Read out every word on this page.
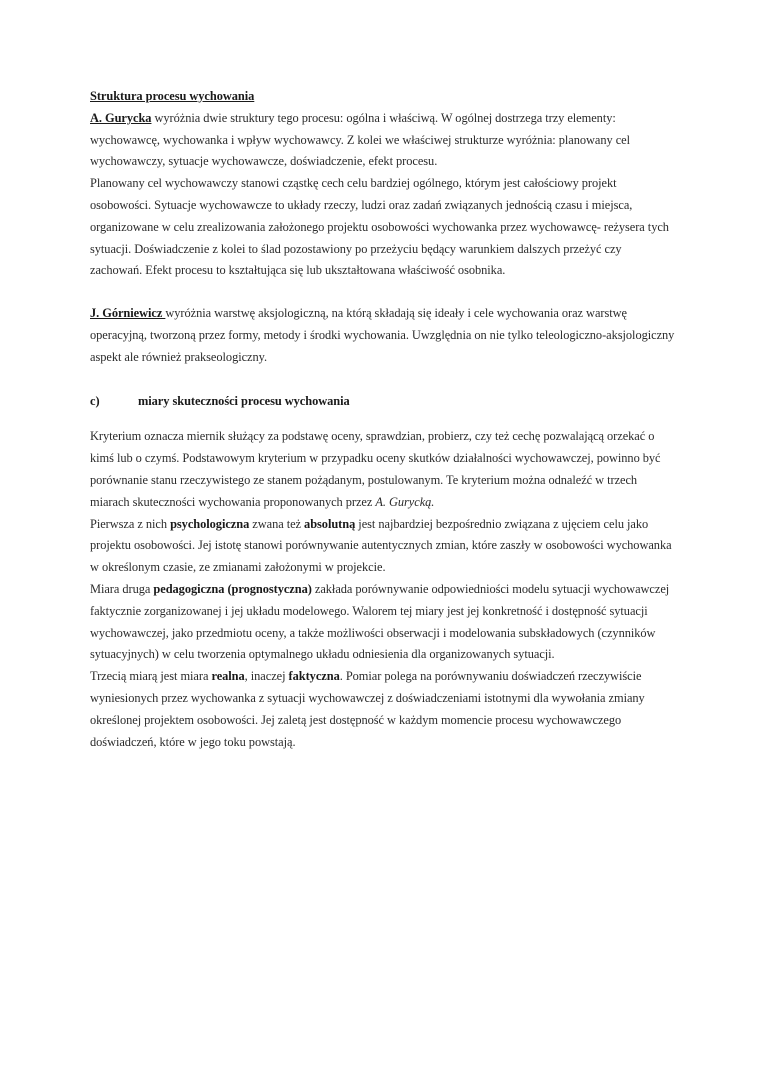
Struktura procesu wychowania

A. Gurycka wyróżnia dwie struktury tego procesu: ogólna i właściwą. W ogólnej dostrzega trzy elementy: wychowawcę, wychowanka i wpływ wychowawcy. Z kolei we właściwej strukturze wyróżnia: planowany cel wychowawczy, sytuacje wychowawcze, doświadczenie, efekt procesu.

Planowany cel wychowawczy stanowi cząstkę cech celu bardziej ogólnego, którym jest całościowy projekt osobowości. Sytuacje wychowawcze to układy rzeczy, ludzi oraz zadań związanych jednością czasu i miejsca, organizowane w celu zrealizowania założonego projektu osobowości wychowanka przez wychowawcę- reżysera tych sytuacji. Doświadczenie z kolei to ślad pozostawiony po przeżyciu będący warunkiem dalszych przeżyć czy zachowań. Efekt procesu to kształtująca się lub ukształtowana właściwość osobnika.

J. Górniewicz wyróżnia warstwę aksjologiczną, na którą składają się ideały i cele wychowania oraz warstwę operacyjną, tworzoną przez formy, metody i środki wychowania. Uwzględnia on nie tylko teleologiczno-aksjologiczny aspekt ale również prakseologiczny.

c)	miary skuteczności procesu wychowania

Kryterium oznacza miernik służący za podstawę oceny, sprawdzian, probierz, czy też cechę pozwalającą orzekać o kimś lub o czymś. Podstawowym kryterium w przypadku oceny skutków działalności wychowawczej, powinno być porównanie stanu rzeczywistego ze stanem pożądanym, postulowanym. Te kryterium można odnaleźć w trzech miarach skuteczności wychowania proponowanych przez A. Gurycką.

Pierwsza z nich psychologiczna zwana też absolutną jest najbardziej bezpośrednio związana z ujęciem celu jako projektu osobowości. Jej istotę stanowi porównywanie autentycznych zmian, które zaszły w osobowości wychowanka w określonym czasie, ze zmianami założonymi w projekcie.

Miara druga pedagogiczna (prognostyczna) zakłada porównywanie odpowiedniości modelu sytuacji wychowawczej faktycznie zorganizowanej i jej układu modelowego. Walorem tej miary jest jej konkretność i dostępność sytuacji wychowawczej, jako przedmiotu oceny, a także możliwości obserwacji i modelowania subskładowych (czynników sytuacyjnych) w celu tworzenia optymalnego układu odniesienia dla organizowanych sytuacji.

Trzecią miarą jest miara realna, inaczej faktyczna. Pomiar polega na porównywaniu doświadczeń rzeczywiście wyniesionych przez wychowanka z sytuacji wychowawczej z doświadczeniami istotnymi dla wywołania zmiany określonej projektem osobowości. Jej zaletą jest dostępność w każdym momencie procesu wychowawczego doświadczeń, które w jego toku powstają.
